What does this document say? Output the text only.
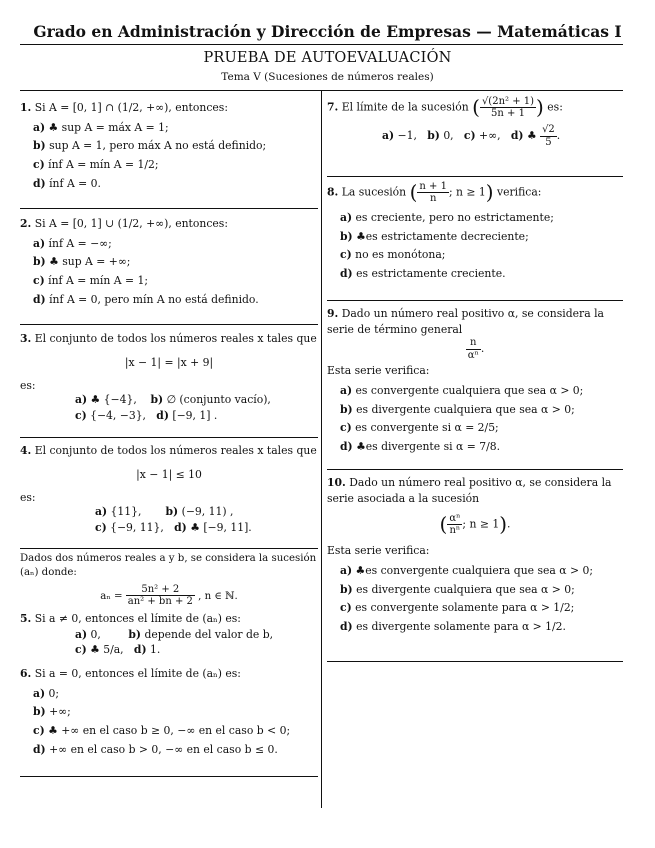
Grado en Administración y Dirección de Empresas — Matemáticas I
PRUEBA DE AUTOEVALUACIÓN
Tema V (Sucesiones de números reales)

1. Si A = [0, 1] ∩ (1/2, +∞), entonces:

a) ♣ sup A = máx A = 1;
b) sup A = 1, pero máx A no está definido;
c) ínf A = mín A = 1/2;
d) ínf A = 0.

2. Si A = [0, 1] ∪ (1/2, +∞), entonces:

a) ínf A = −∞;
b) ♣ sup A = +∞;
c) ínf A = mín A = 1;
d) ínf A = 0, pero mín A no está definido.

3. El conjunto de todos los números reales x tales que

|x − 1| = |x + 9|
es:
a) ♣ {−4}, b) ∅ (conjunto vacío),
c) {−4, −3}, d) [−9, 1] .

4. El conjunto de todos los números reales x tales que

|x − 1| ≤ 10
es:
a) {11}, b) (−9, 11) ,
c) {−9, 11}, d) ♣ [−9, 11].
Dados dos números reales a y b, se considera la sucesión (aₙ) donde:
$a_n = \frac{\text{5n² + 2}}{\text{an² + bn + 2}}$ , n ∈ ℕ.

5. Si a ≠ 0, entonces el límite de (aₙ) es:

a) 0,	b) depende del valor de b,
c) ♣ 5/a, d) 1.

6. Si a = 0, entonces el límite de (aₙ) es:

a) 0;
b) +∞;
c) ♣ +∞ en el caso b ≥ 0, −∞ en el caso b < 0;
d) +∞ en el caso b > 0, −∞ en el caso b ≤ 0.
7. El límite de la sucesión ( $\frac{\text{√(2n² + 1)}}{5n + 1}$ ) es:
a) −1, b) 0, c) +∞, d) ♣ $\frac{√2}{5}$ .
8. La sucesión ( $\frac{n + 1}{n}$ ; n ≥ 1) verifica:
a) es creciente, pero no estrictamente;
b) ♣es estrictamente decreciente;
c) no es monótona;
d) es estrictamente creciente.

9. Dado un número real positivo α, se considera la serie de término general

$\frac{n}{\text{αⁿ}}$ .
Esta serie verifica:
a) es convergente cualquiera que sea α > 0;
b) es divergente cualquiera que sea α > 0;
c) es convergente si α = 2/5;
d) ♣es divergente si α = 7/8.

10. Dado un número real positivo α, se considera la serie asociada a la sucesión

( $\frac{\text{αⁿ}}{\text{nⁿ}}$ ; n ≥ 1).
Esta serie verifica:
a) ♣es convergente cualquiera que sea α > 0;
b) es divergente cualquiera que sea α > 0;
c) es convergente solamente para α > 1/2;
d) es divergente solamente para α > 1/2.
